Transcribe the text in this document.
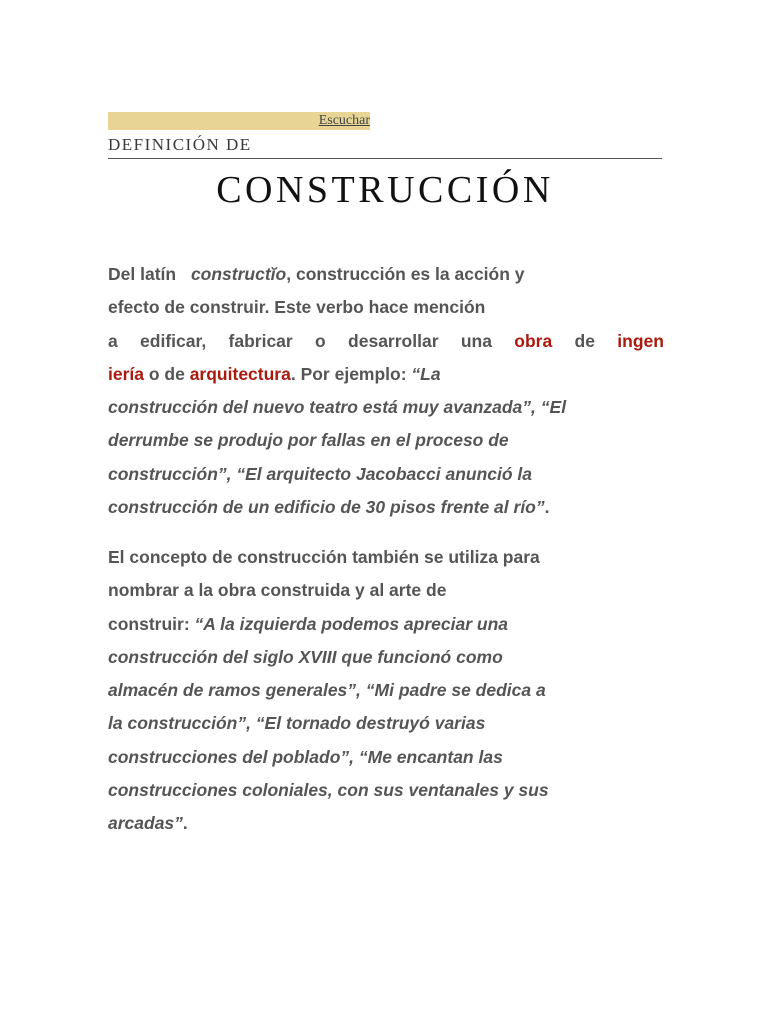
Escuchar
DEFINICIÓN DE
CONSTRUCCIÓN
Del latín constructĭo, construcción es la acción y
efecto de construir. Este verbo hace mención
a edificar, fabricar o desarrollar una obra de ingen
iería o de arquitectura. Por ejemplo: “La
construcción del nuevo teatro está muy avanzada”, “El
derrumbe se produjo por fallas en el proceso de
construcción”, “El arquitecto Jacobacci anunció la
construcción de un edificio de 30 pisos frente al río”.
El concepto de construcción también se utiliza para
nombrar a la obra construida y al arte de
construir: “A la izquierda podemos apreciar una
construcción del siglo XVIII que funcionó como
almacén de ramos generales”, “Mi padre se dedica a
la construcción”, “El tornado destruyó varias
construcciones del poblado”, “Me encantan las
construcciones coloniales, con sus ventanales y sus
arcadas”.
